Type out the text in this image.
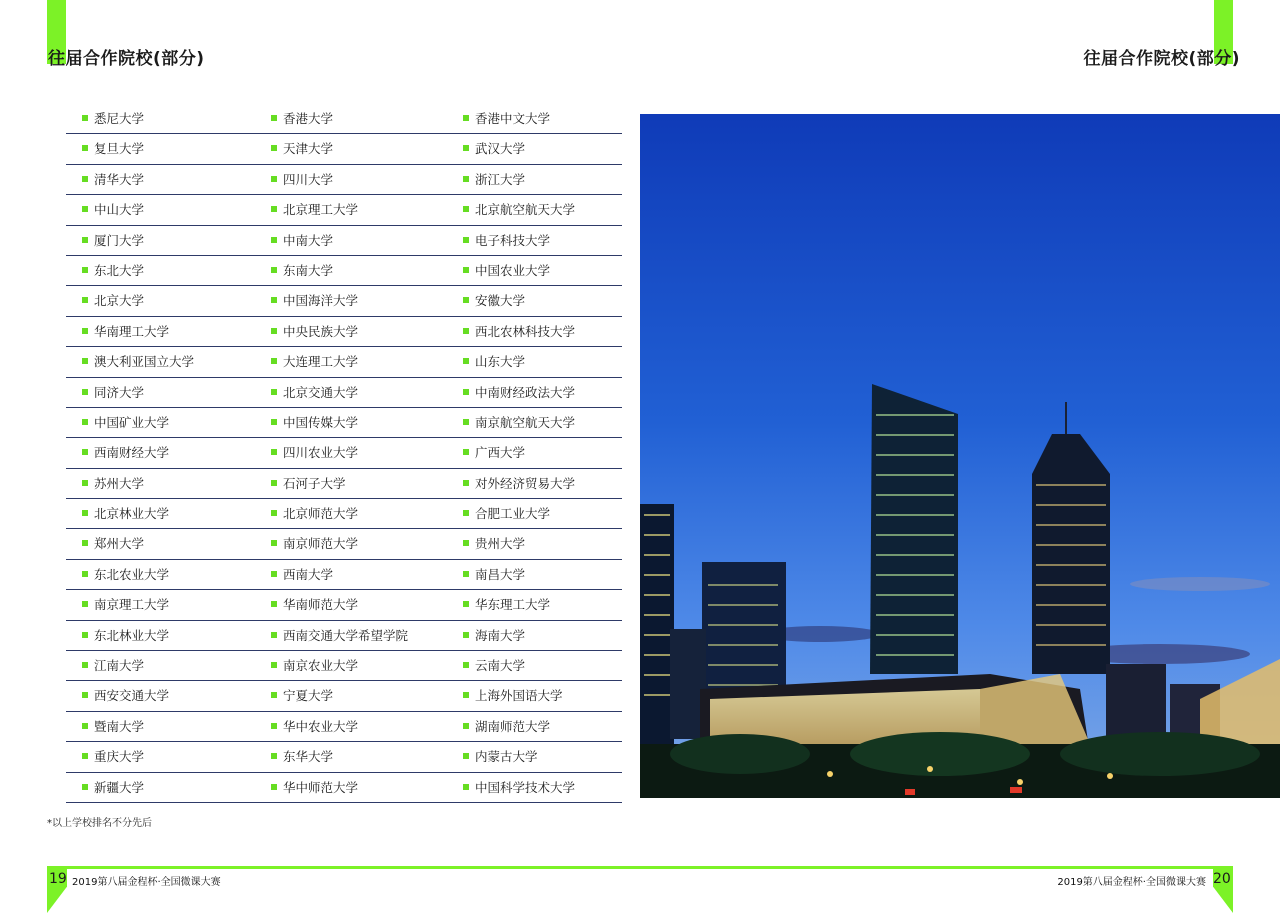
往届合作院校(部分)	往届合作院校(部分)
悉尼大学	香港大学	香港中文大学
复旦大学	天津大学	武汉大学
清华大学	四川大学	浙江大学
中山大学	北京理工大学	北京航空航天大学
厦门大学	中南大学	电子科技大学
东北大学	东南大学	中国农业大学
北京大学	中国海洋大学	安徽大学
华南理工大学	中央民族大学	西北农林科技大学
澳大利亚国立大学	大连理工大学	山东大学
同济大学	北京交通大学	中南财经政法大学
中国矿业大学	中国传媒大学	南京航空航天大学
西南财经大学	四川农业大学	广西大学
苏州大学	石河子大学	对外经济贸易大学
北京林业大学	北京师范大学	合肥工业大学
郑州大学	南京师范大学	贵州大学
东北农业大学	西南大学	南昌大学
南京理工大学	华南师范大学	华东理工大学
东北林业大学	西南交通大学希望学院	海南大学
江南大学	南京农业大学	云南大学
西安交通大学	宁夏大学	上海外国语大学
暨南大学	华中农业大学	湖南师范大学
重庆大学	东华大学	内蒙古大学
新疆大学	华中师范大学	中国科学技术大学
*以上学校排名不分先后
19	20
2019第八届金程杯·全国微课大赛	2019第八届金程杯·全国微课大赛
